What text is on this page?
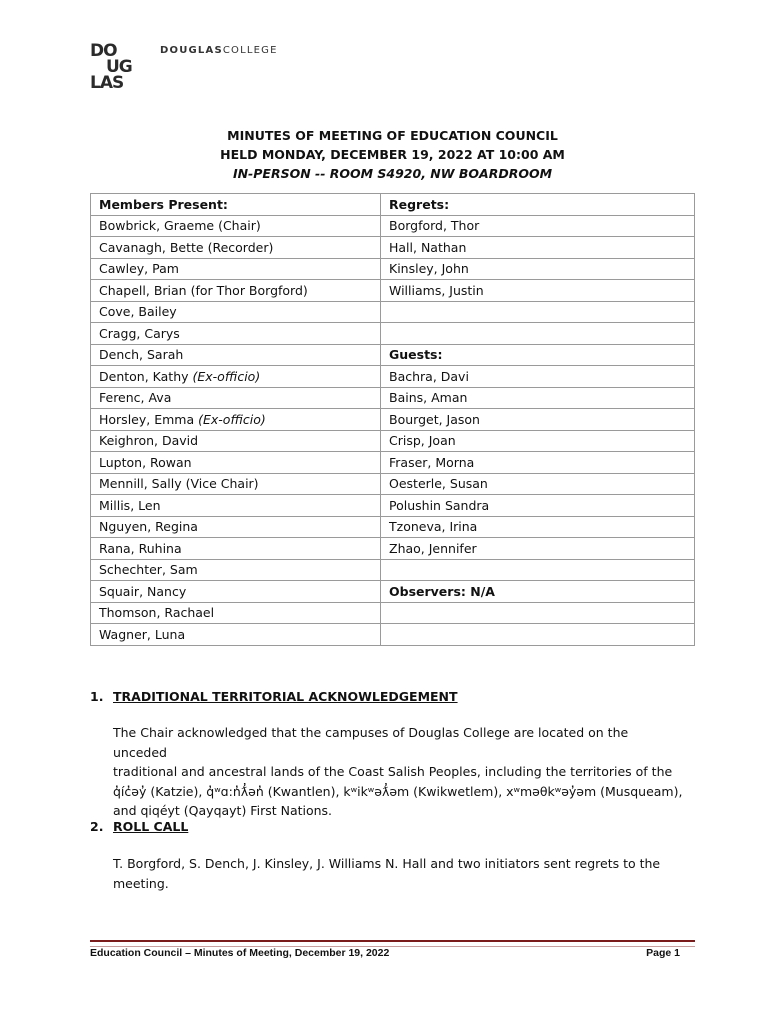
DO
UG
LAS
DOUGLASCOLLEGE
MINUTES OF MEETING OF EDUCATION COUNCIL
HELD MONDAY, DECEMBER 19, 2022 AT 10:00 AM
IN-PERSON -- ROOM S4920, NW BOARDROOM
Members Present:	Regrets:
Bowbrick, Graeme (Chair)	Borgford, Thor
Cavanagh, Bette (Recorder)	Hall, Nathan
Cawley, Pam	Kinsley, John
Chapell, Brian (for Thor Borgford)	Williams, Justin
Cove, Bailey	
Cragg, Carys	
Dench, Sarah	Guests:
Denton, Kathy (Ex-officio)	Bachra, Davi
Ferenc, Ava	Bains, Aman
Horsley, Emma (Ex-officio)	Bourget, Jason
Keighron, David	Crisp, Joan
Lupton, Rowan	Fraser, Morna
Mennill, Sally (Vice Chair)	Oesterle, Susan
Millis, Len	Polushin Sandra
Nguyen, Regina	Tzoneva, Irina
Rana, Ruhina	Zhao, Jennifer
Schechter, Sam	
Squair, Nancy	Observers: N/A
Thomson, Rachael	
Wagner, Luna	
1. TRADITIONAL TERRITORIAL ACKNOWLEDGEMENT
The Chair acknowledged that the campuses of Douglas College are located on the unceded
traditional and ancestral lands of the Coast Salish Peoples, including the territories of the
q̓íc̓əy̓ (Katzie), q̓ʷɑ:n̓ƛ̓ən̓ (Kwantlen), kʷikʷəƛ̓əm (Kwikwetlem), xʷməθkʷəy̓əm (Musqueam),
and qiqéyt (Qayqayt) First Nations.
2. ROLL CALL
T. Borgford, S. Dench, J. Kinsley, J. Williams N. Hall and two initiators sent regrets to the
meeting.
Education Council – Minutes of Meeting, December 19, 2022	Page 1
